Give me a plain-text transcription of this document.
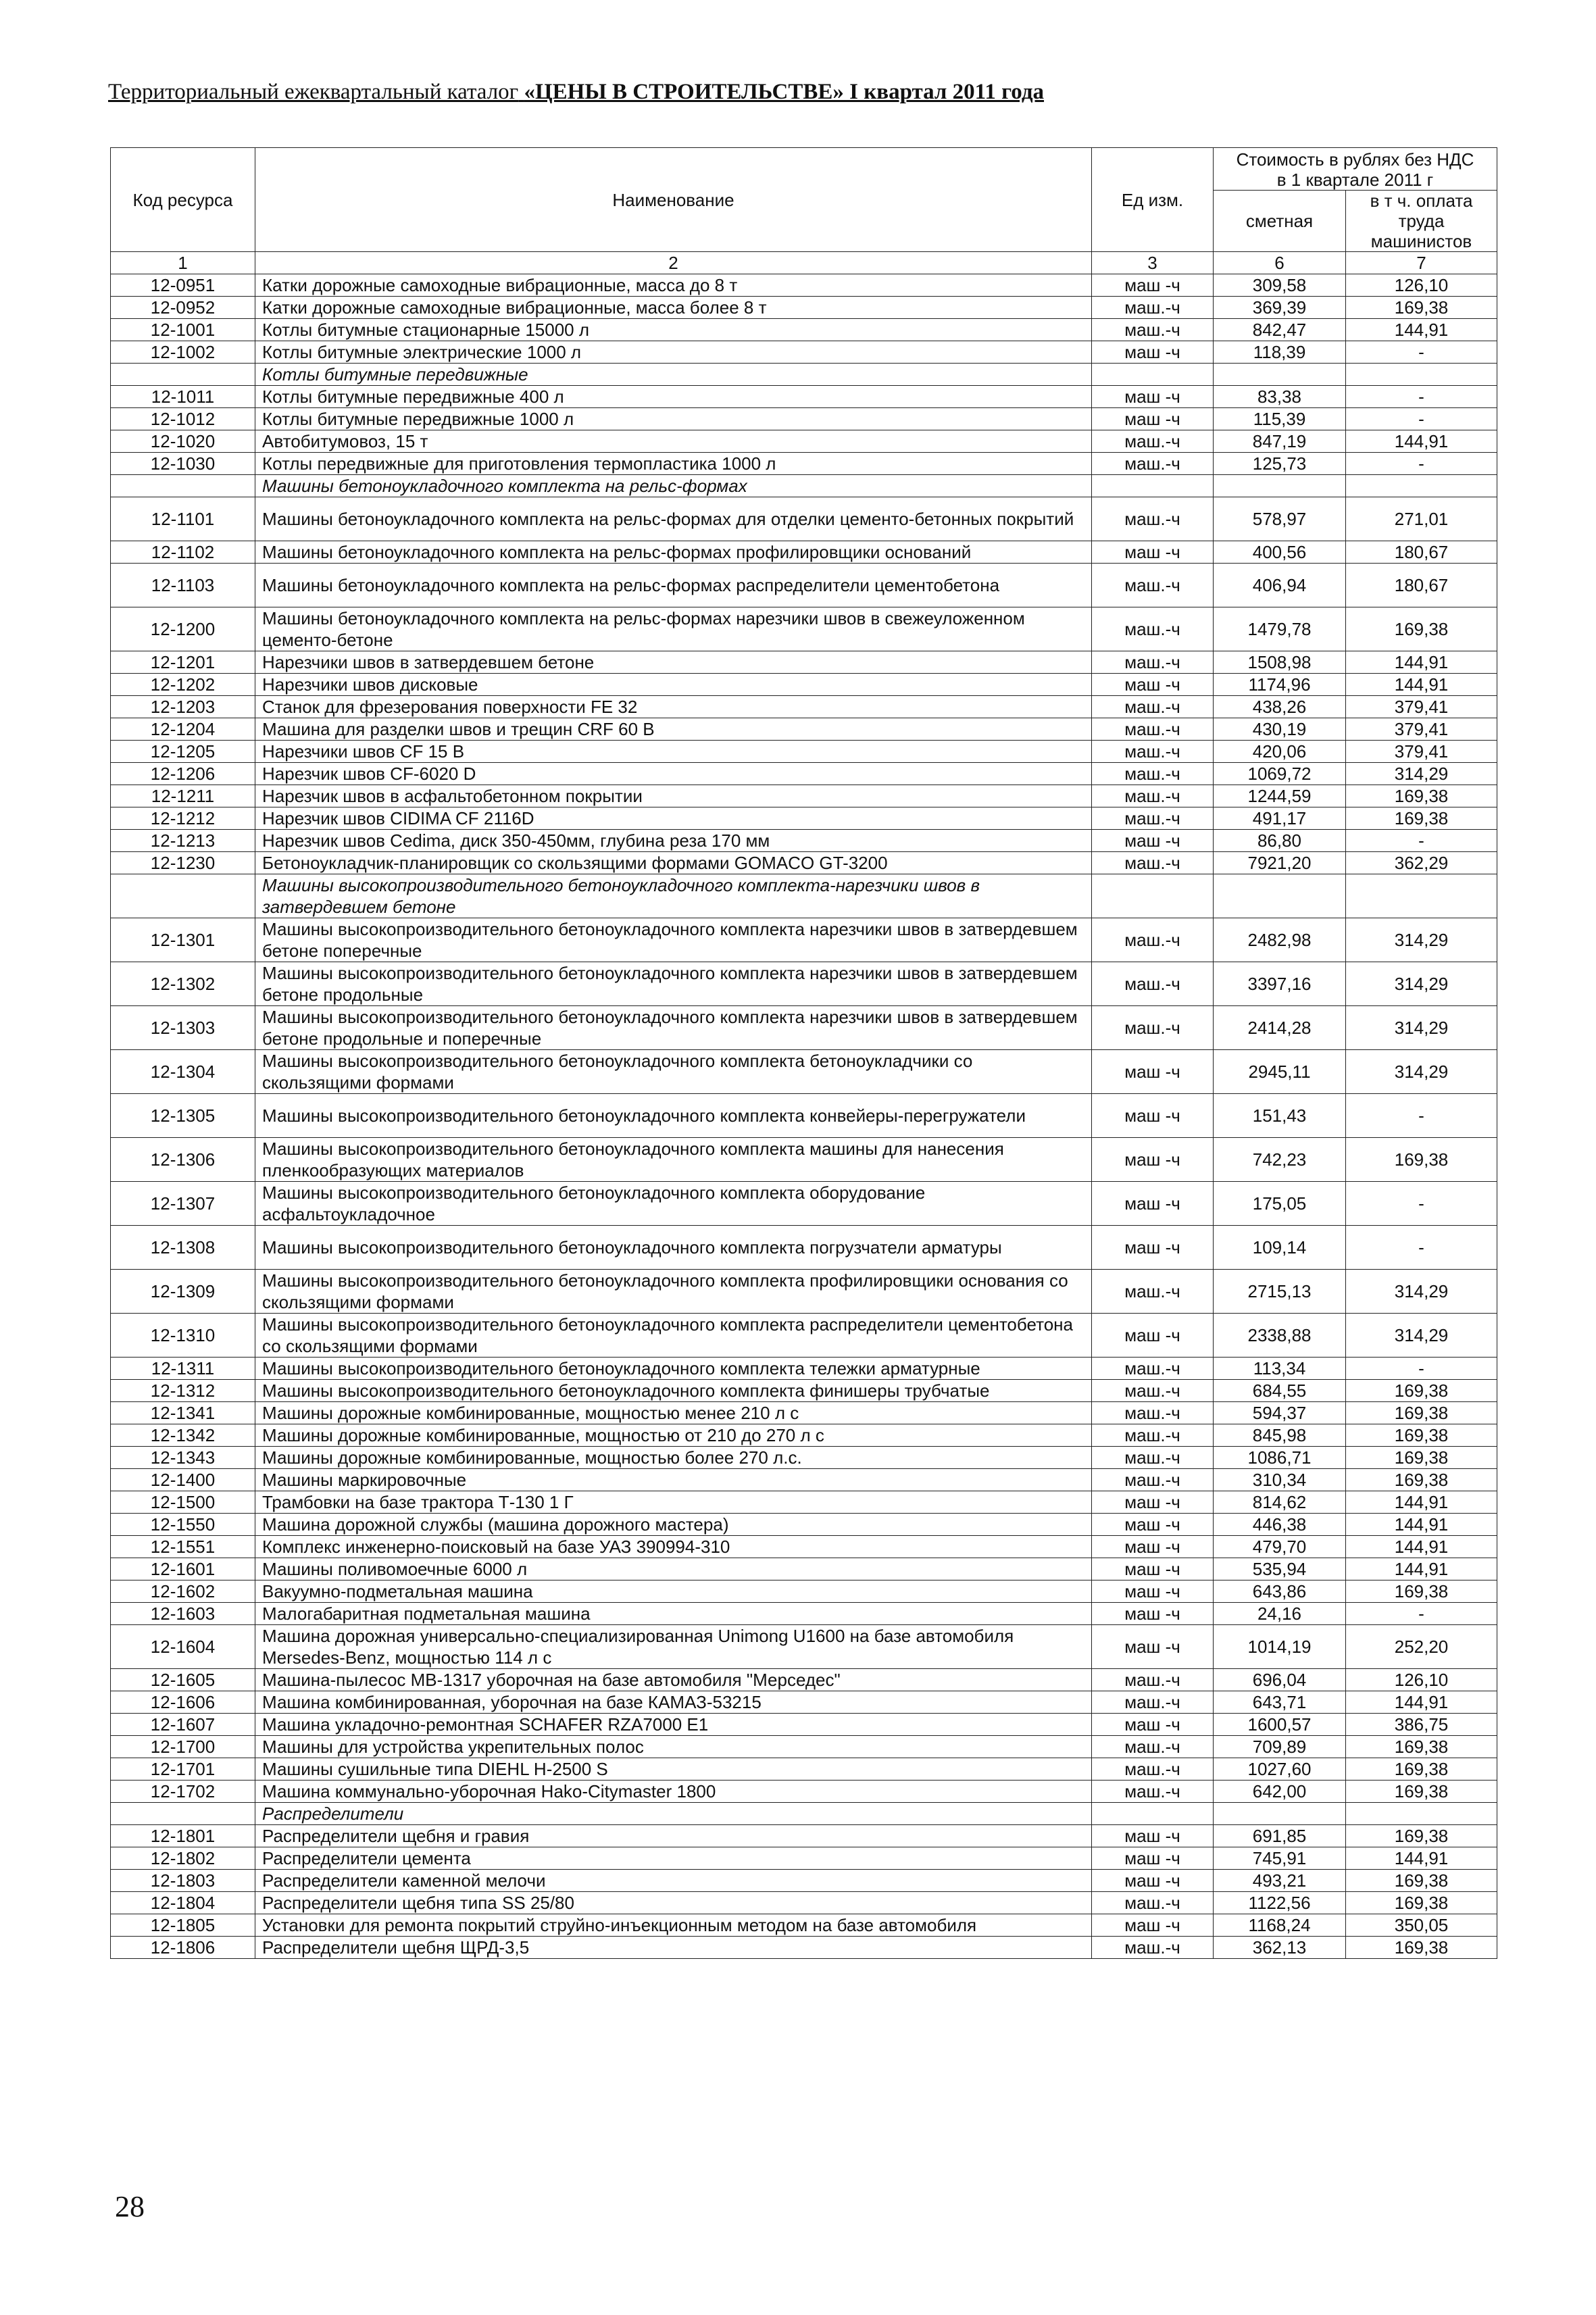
Территориальный ежеквартальный каталог «ЦЕНЫ В СТРОИТЕЛЬСТВЕ» I квартал 2011 года
Код ресурса	Наименование	Ед изм.	Стоимость в рублях без НДС
в 1 квартале 2011 г	

			сметная	в т ч. оплата труда машинистов

1	2	3	6	7
12-0951	Катки дорожные самоходные вибрационные, масса до 8 т	маш -ч	309,58	126,10
12-0952	Катки дорожные самоходные вибрационные, масса более 8 т	маш.-ч	369,39	169,38
12-1001	Котлы битумные стационарные 15000 л	маш.-ч	842,47	144,91
12-1002	Котлы битумные электрические 1000 л	маш -ч	118,39	-
	Котлы битумные передвижные			
12-1011	Котлы битумные передвижные 400 л	маш -ч	83,38	-
12-1012	Котлы битумные передвижные 1000 л	маш -ч	115,39	-
12-1020	Автобитумовоз, 15 т	маш.-ч	847,19	144,91
12-1030	Котлы передвижные для приготовления термопластика 1000 л	маш.-ч	125,73	-
	Машины бетоноукладочного комплекта на рельс-формах			
12-1101	Машины бетоноукладочного комплекта на рельс-формах для отделки цементо-бетонных покрытий	маш.-ч	578,97	271,01
12-1102	Машины бетоноукладочного комплекта на рельс-формах профилировщики оснований	маш -ч	400,56	180,67
12-1103	Машины бетоноукладочного комплекта на рельс-формах распределители цементобетона	маш.-ч	406,94	180,67
12-1200	Машины бетоноукладочного комплекта на рельс-формах нарезчики швов в свежеуложенном цементо-бетоне	маш.-ч	1479,78	169,38
12-1201	Нарезчики швов в затвердевшем бетоне	маш.-ч	1508,98	144,91
12-1202	Нарезчики швов дисковые	маш -ч	1174,96	144,91
12-1203	Станок для фрезерования поверхности FE 32	маш.-ч	438,26	379,41
12-1204	Машина для разделки швов и трещин CRF 60 В	маш.-ч	430,19	379,41
12-1205	Нарезчики швов CF 15 В	маш.-ч	420,06	379,41
12-1206	Нарезчик швов CF-6020 D	маш.-ч	1069,72	314,29
12-1211	Нарезчик швов в асфальтобетонном покрытии	маш.-ч	1244,59	169,38
12-1212	Нарезчик швов CIDIMA CF 2116D	маш.-ч	491,17	169,38
12-1213	Нарезчик швов Cedima, диск 350-450мм, глубина реза 170 мм	маш -ч	86,80	-
12-1230	Бетоноукладчик-планировщик со скользящими формами GOMACO GT-3200	маш.-ч	7921,20	362,29
	Машины высокопроизводительного бетоноукладочного комплекта-нарезчики швов в затвердевшем бетоне			
12-1301	Машины высокопроизводительного бетоноукладочного комплекта нарезчики швов в затвердевшем бетоне поперечные	маш.-ч	2482,98	314,29
12-1302	Машины высокопроизводительного бетоноукладочного комплекта нарезчики швов в затвердевшем бетоне продольные	маш.-ч	3397,16	314,29
12-1303	Машины высокопроизводительного бетоноукладочного комплекта нарезчики швов в затвердевшем бетоне продольные и поперечные	маш.-ч	2414,28	314,29
12-1304	Машины высокопроизводительного бетоноукладочного комплекта бетоноукладчики со скользящими формами	маш -ч	2945,11	314,29
12-1305	Машины высокопроизводительного бетоноукладочного комплекта конвейеры-перегружатели	маш -ч	151,43	-
12-1306	Машины высокопроизводительного бетоноукладочного комплекта машины для нанесения пленкообразующих материалов	маш -ч	742,23	169,38
12-1307	Машины высокопроизводительного бетоноукладочного комплекта оборудование асфальтоукладочное	маш -ч	175,05	-
12-1308	Машины высокопроизводительного бетоноукладочного комплекта погрузчатели арматуры	маш -ч	109,14	-
12-1309	Машины высокопроизводительного бетоноукладочного комплекта профилировщики основания со скользящими формами	маш.-ч	2715,13	314,29
12-1310	Машины высокопроизводительного бетоноукладочного комплекта распределители цементобетона со скользящими формами	маш -ч	2338,88	314,29
12-1311	Машины высокопроизводительного бетоноукладочного комплекта тележки арматурные	маш.-ч	113,34	-
12-1312	Машины высокопроизводительного бетоноукладочного комплекта финишеры трубчатые	маш.-ч	684,55	169,38
12-1341	Машины дорожные комбинированные, мощностью менее 210 л с	маш.-ч	594,37	169,38
12-1342	Машины дорожные комбинированные, мощностью от 210 до 270 л с	маш.-ч	845,98	169,38
12-1343	Машины дорожные комбинированные, мощностью более 270 л.с.	маш.-ч	1086,71	169,38
12-1400	Машины маркировочные	маш.-ч	310,34	169,38
12-1500	Трамбовки на базе трактора Т-130 1 Г	маш -ч	814,62	144,91
12-1550	Машина дорожной службы (машина дорожного мастера)	маш -ч	446,38	144,91
12-1551	Комплекс инженерно-поисковый на базе УАЗ 390994-310	маш -ч	479,70	144,91
12-1601	Машины поливомоечные 6000 л	маш -ч	535,94	144,91
12-1602	Вакуумно-подметальная машина	маш -ч	643,86	169,38
12-1603	Малогабаритная подметальная машина	маш -ч	24,16	-
12-1604	Машина дорожная универсально-специализированная Unimong U1600 на базе автомобиля Mersedes-Benz, мощностью 114 л с	маш -ч	1014,19	252,20
12-1605	Машина-пылесос МВ-1317 уборочная на базе автомобиля "Мерседес"	маш.-ч	696,04	126,10
12-1606	Машина комбинированная, уборочная на базе КАМАЗ-53215	маш.-ч	643,71	144,91
12-1607	Машина укладочно-ремонтная SCHAFER RZA7000 E1	маш -ч	1600,57	386,75
12-1700	Машины для устройства укрепительных полос	маш.-ч	709,89	169,38
12-1701	Машины сушильные типа DIEHL H-2500 S	маш.-ч	1027,60	169,38
12-1702	Машина коммунально-уборочная Hako-Citymaster 1800	маш.-ч	642,00	169,38
	Распределители			
12-1801	Распределители щебня и гравия	маш -ч	691,85	169,38
12-1802	Распределители цемента	маш -ч	745,91	144,91
12-1803	Распределители каменной мелочи	маш -ч	493,21	169,38
12-1804	Распределители щебня типа SS 25/80	маш.-ч	1122,56	169,38
12-1805	Установки для ремонта покрытий струйно-инъекционным методом на базе автомобиля	маш -ч	1168,24	350,05
12-1806	Распределители щебня ЩРД-3,5	маш.-ч	362,13	169,38
28
